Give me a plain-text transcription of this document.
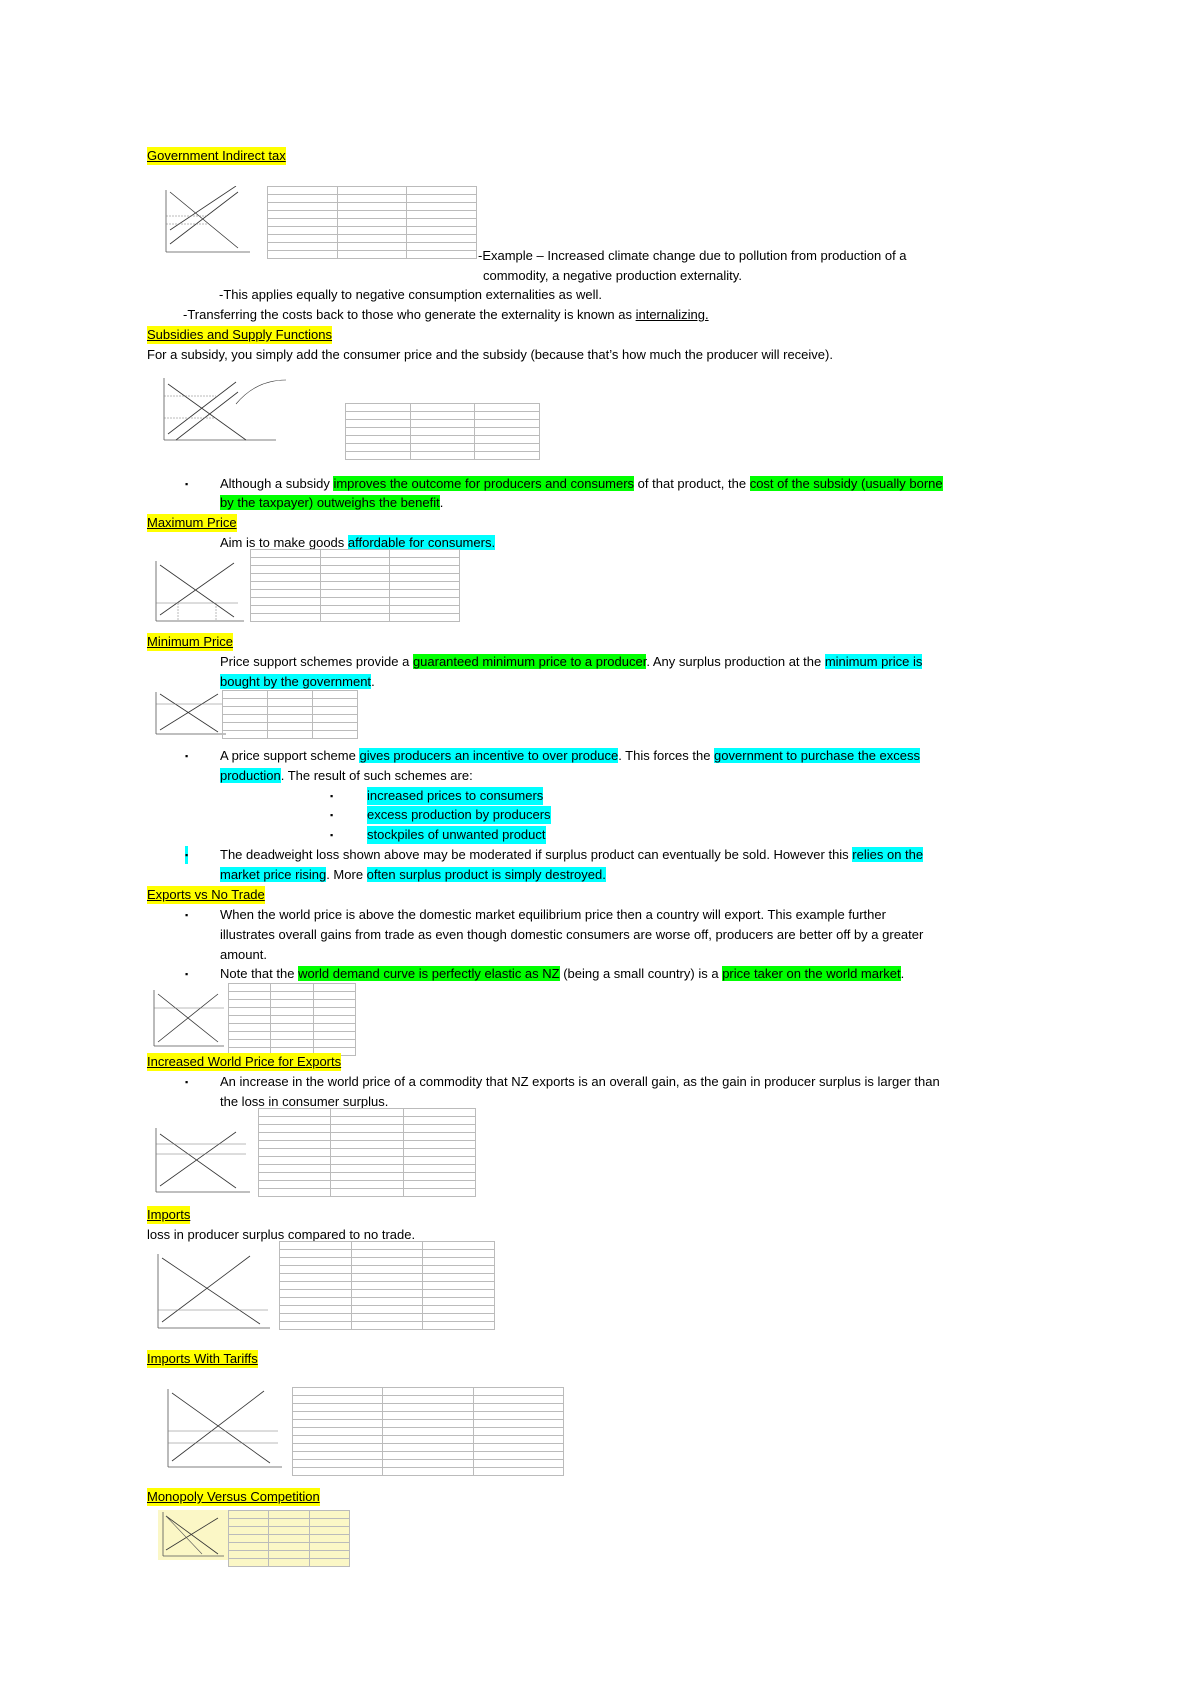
Government Indirect tax

-Example – Increased climate change due to pollution from production of a
commodity, a negative production externality.
-This applies equally to negative consumption externalities as well.
-Transferring the costs back to those who generate the externality is known as internalizing.
Subsidies and Supply Functions
For a subsidy, you simply add the consumer price and the subsidy (because that’s how much the producer will receive).

▪ Although a subsidy improves the outcome for producers and consumers of that product, the cost of the subsidy (usually borne
by the taxpayer) outweighs the benefit.
Maximum Price
Aim is to make goods affordable for consumers.

Minimum Price
Price support schemes provide a guaranteed minimum price to a producer. Any surplus production at the minimum price is
bought by the government.

▪ A price support scheme gives producers an incentive to over produce. This forces the government to purchase the excess
production. The result of such schemes are:
▪	increased prices to consumers
▪	excess production by producers
▪	stockpiles of unwanted product
▪ The deadweight loss shown above may be moderated if surplus product can eventually be sold. However this relies on the
market price rising. More often surplus product is simply destroyed.
Exports vs No Trade
▪ When the world price is above the domestic market equilibrium price then a country will export. This example further
illustrates overall gains from trade as even though domestic consumers are worse off, producers are better off by a greater
amount.
▪ Note that the world demand curve is perfectly elastic as NZ (being a small country) is a price taker on the world market.

Increased World Price for Exports
▪ An increase in the world price of a commodity that NZ exports is an overall gain, as the gain in producer surplus is larger than
the loss in consumer surplus.

Imports
loss in producer surplus compared to no trade.

Imports With Tariffs

Monopoly Versus Competition
